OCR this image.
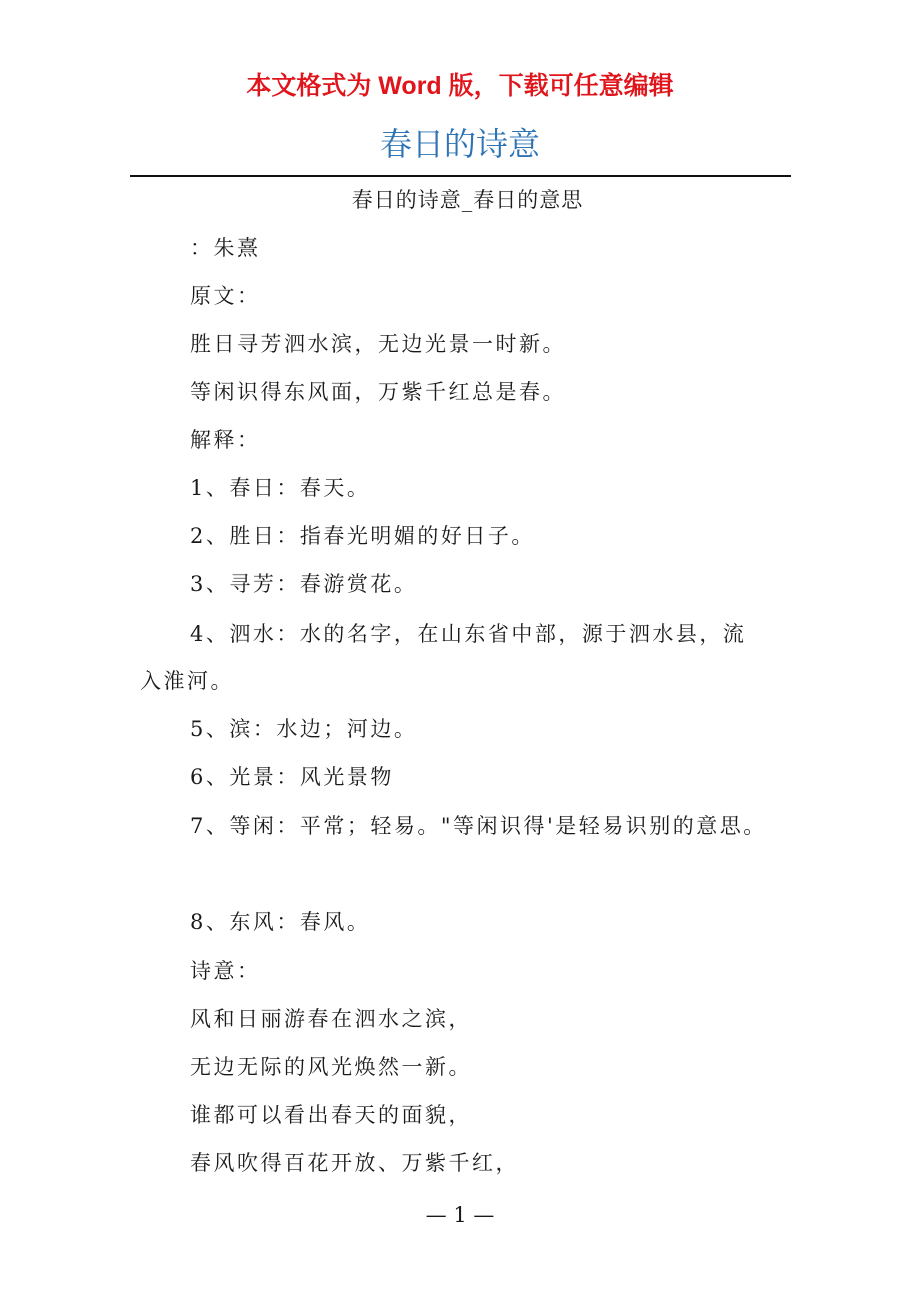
本文格式为 Word 版，下载可任意编辑
春日的诗意
春日的诗意_春日的意思
：朱熹
原文：
胜日寻芳泗水滨，无边光景一时新。
等闲识得东风面，万紫千红总是春。
解释：
1、春日：春天。
2、胜日：指春光明媚的好日子。
3、寻芳：春游赏花。
4、泗水：水的名字，在山东省中部，源于泗水县，流
入淮河。
5、滨：水边；河边。
6、光景：风光景物
7、等闲：平常；轻易。"等闲识得'是轻易识别的意思。
8、东风：春风。
诗意：
风和日丽游春在泗水之滨，
无边无际的风光焕然一新。
谁都可以看出春天的面貌，
春风吹得百花开放、万紫千红，
— 1 —
